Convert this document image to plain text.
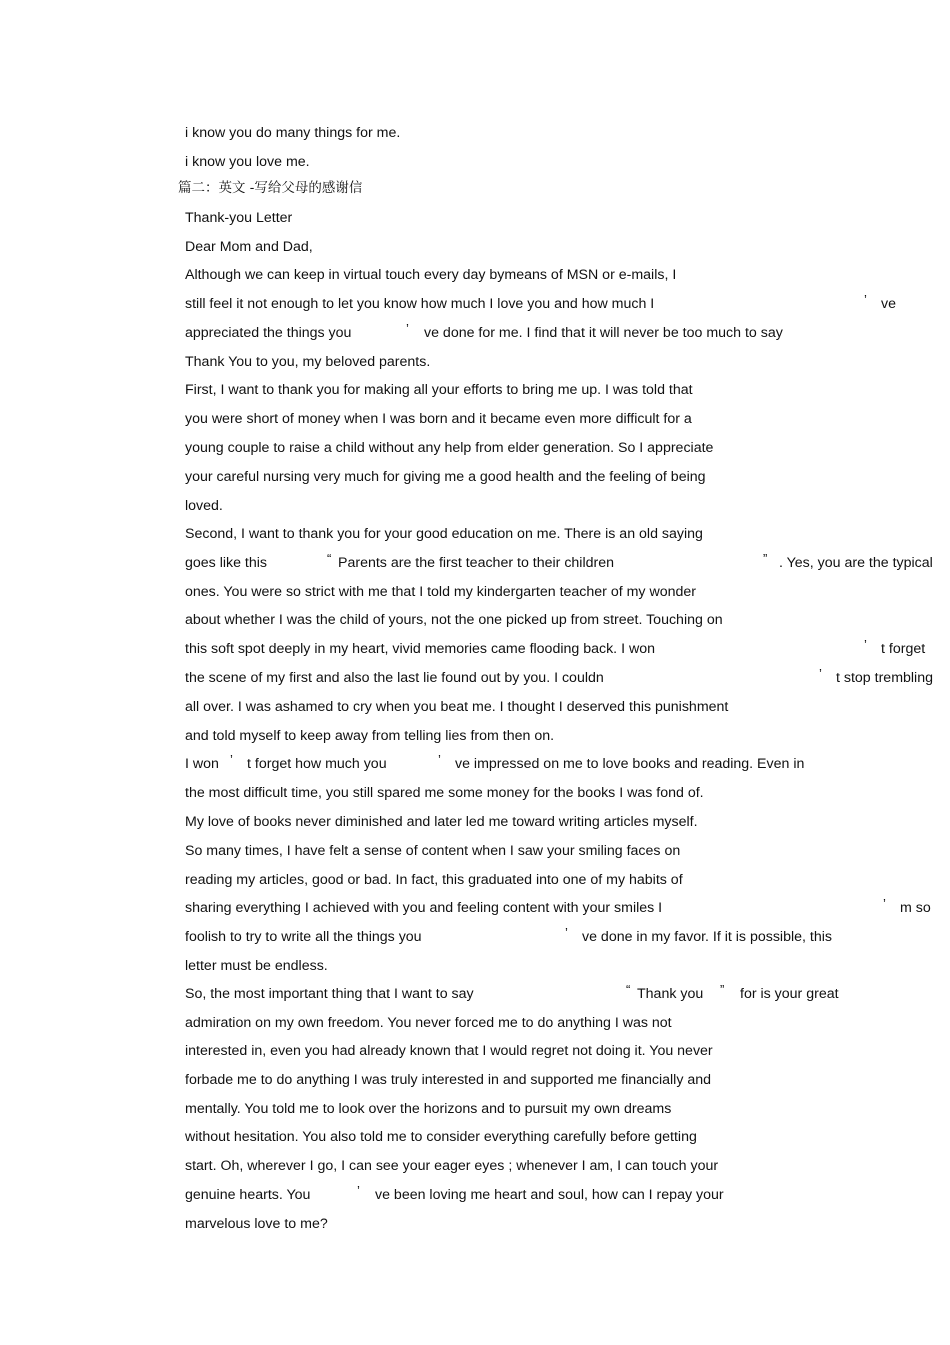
i know you do many things for me.
i know you love me.
篇二：英文 -写给父母的感谢信
Thank-you Letter
Dear Mom and Dad,
Although we can keep in virtual touch every day bymeans of MSN or e-mails, I
still feel it not enough to let you know how much I love you and how much I	’ ve
appreciated the things you	’ ve done for me. I find that it will never be too much to say
Thank You to you, my beloved parents.
First, I want to thank you for making all your efforts to bring me up. I was told that
you were short of money when I was born and it became even more difficult for a
young couple to raise a child without any help from elder generation. So I appreciate
your careful nursing very much for giving me a good health and the feeling of being
loved.
Second, I want to thank you for your good education on me. There is an old saying
goes like this	“ Parents are the first teacher to their children	” . Yes, you are the typical
ones. You were so strict with me that I told my kindergarten teacher of my wonder
about whether I was the child of yours, not the one picked up from street. Touching on
this soft spot deeply in my heart, vivid memories came flooding back. I won	’ t forget
the scene of my first and also the last lie found out by you. I couldn	’ t stop trembling
all over. I was ashamed to cry when you beat me. I thought I deserved this punishment
and told myself to keep away from telling lies from then on.
I won ’ t forget how much you	’ ve impressed on me to love books and reading. Even in
the most difficult time, you still spared me some money for the books I was fond of.
My love of books never diminished and later led me toward writing articles myself.
So many times, I have felt a sense of content when I saw your smiling faces on
reading my articles, good or bad. In fact, this graduated into one of my habits of
sharing everything I achieved with you and feeling content with your smiles I	’ m so
foolish to try to write all the things you	’ ve done in my favor. If it is possible, this
letter must be endless.
So, the most important thing that I want to say	“ Thank you ” for is your great
admiration on my own freedom. You never forced me to do anything I was not
interested in, even you had already known that I would regret not doing it. You never
forbade me to do anything I was truly interested in and supported me financially and
mentally. You told me to look over the horizons and to pursuit my own dreams
without hesitation. You also told me to consider everything carefully before getting
start. Oh, wherever I go, I can see your eager eyes ; whenever I am, I can touch your
genuine hearts. You	’ ve been loving me heart and soul, how can I repay your
marvelous love to me?
